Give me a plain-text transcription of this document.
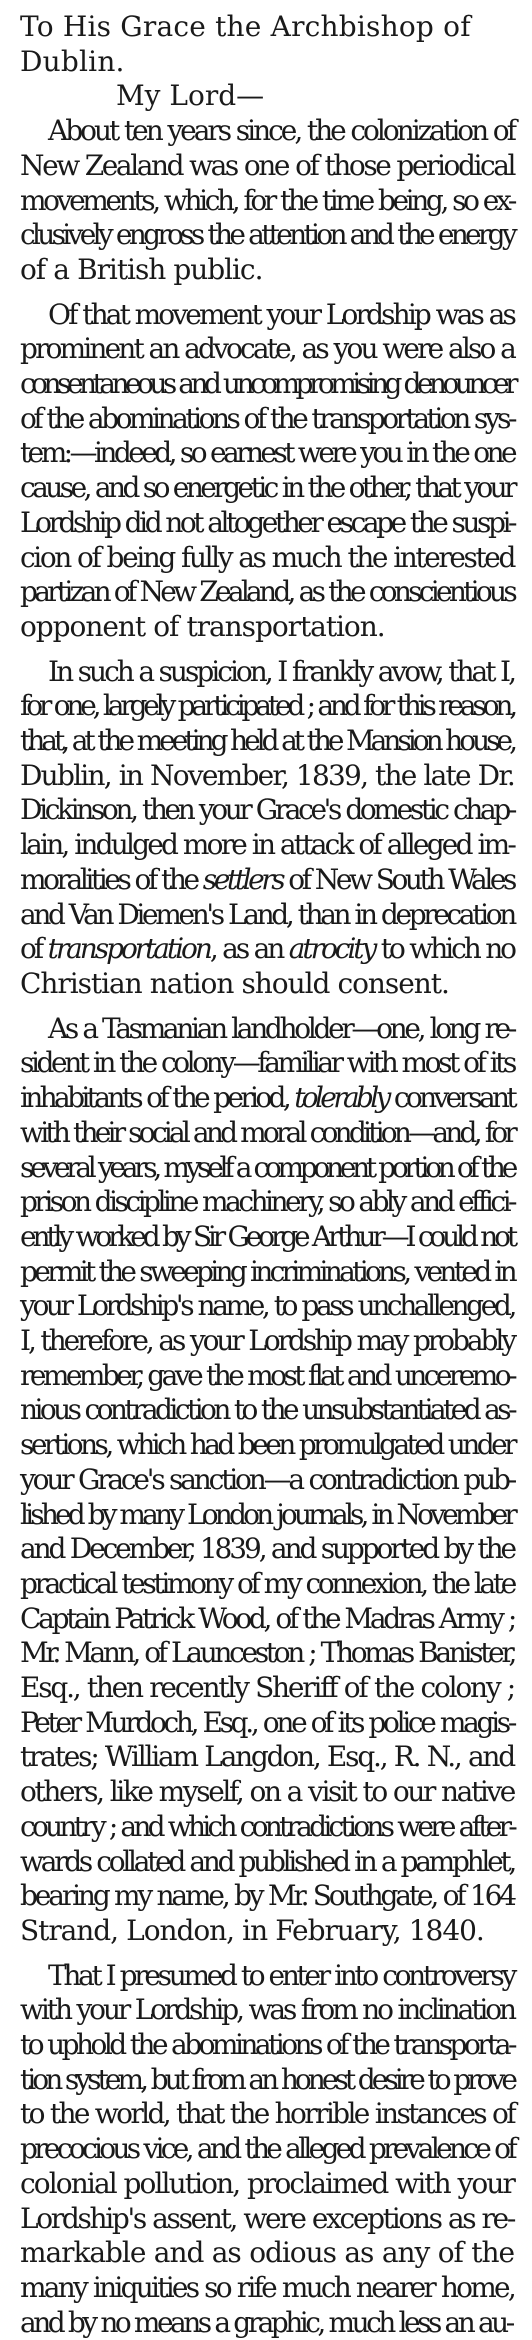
To His Grace the Archbishop of Dublin.

My Lord—

About ten years since, the colonization of
New Zealand was one of those periodical
movements, which, for the time being, so ex-
clusively engross the attention and the energy
of a British public.
Of that movement your Lordship was as
prominent an advocate, as you were also a
consentaneous and uncompromising denouncer
of the abominations of the transportation sys-
tem:—indeed, so earnest were you in the one
cause, and so energetic in the other, that your
Lordship did not altogether escape the suspi-
cion of being fully as much the interested
partizan of New Zealand, as the conscientious
opponent of transportation.
In such a suspicion, I frankly avow, that I,
for one, largely participated ; and for this reason,
that, at the meeting held at the Mansion house,
Dublin, in November, 1839, the late Dr.
Dickinson, then your Grace's domestic chap-
lain, indulged more in attack of alleged im-
moralities of the settlers of New South Wales
and Van Diemen's Land, than in deprecation
of transportation, as an atrocity to which no
Christian nation should consent.
As a Tasmanian landholder—one, long re-
sident in the colony—familiar with most of its
inhabitants of the period, tolerably conversant
with their social and moral condition—and, for
several years, myself a component portion of the
prison discipline machinery, so ably and effici-
ently worked by Sir George Arthur—I could not
permit the sweeping incriminations, vented in
your Lordship's name, to pass unchallenged,
I, therefore, as your Lordship may probably
remember, gave the most flat and unceremo-
nious contradiction to the unsubstantiated as-
sertions, which had been promulgated under
your Grace's sanction—a contradiction pub-
lished by many London journals, in November
and December, 1839, and supported by the
practical testimony of my connexion, the late
Captain Patrick Wood, of the Madras Army ;
Mr. Mann, of Launceston ; Thomas Banister,
Esq., then recently Sheriff of the colony ;
Peter Murdoch, Esq., one of its police magis-
trates; William Langdon, Esq., R. N., and
others, like myself, on a visit to our native
country ; and which contradictions were after-
wards collated and published in a pamphlet,
bearing my name, by Mr. Southgate, of 164
Strand, London, in February, 1840.
That I presumed to enter into controversy
with your Lordship, was from no inclination
to uphold the abominations of the transporta-
tion system, but from an honest desire to prove
to the world, that the horrible instances of
precocious vice, and the alleged prevalence of
colonial pollution, proclaimed with your
Lordship's assent, were exceptions as re-
markable and as odious as any of the
many iniquities so rife much nearer home,
and by no means a graphic, much less an au-
